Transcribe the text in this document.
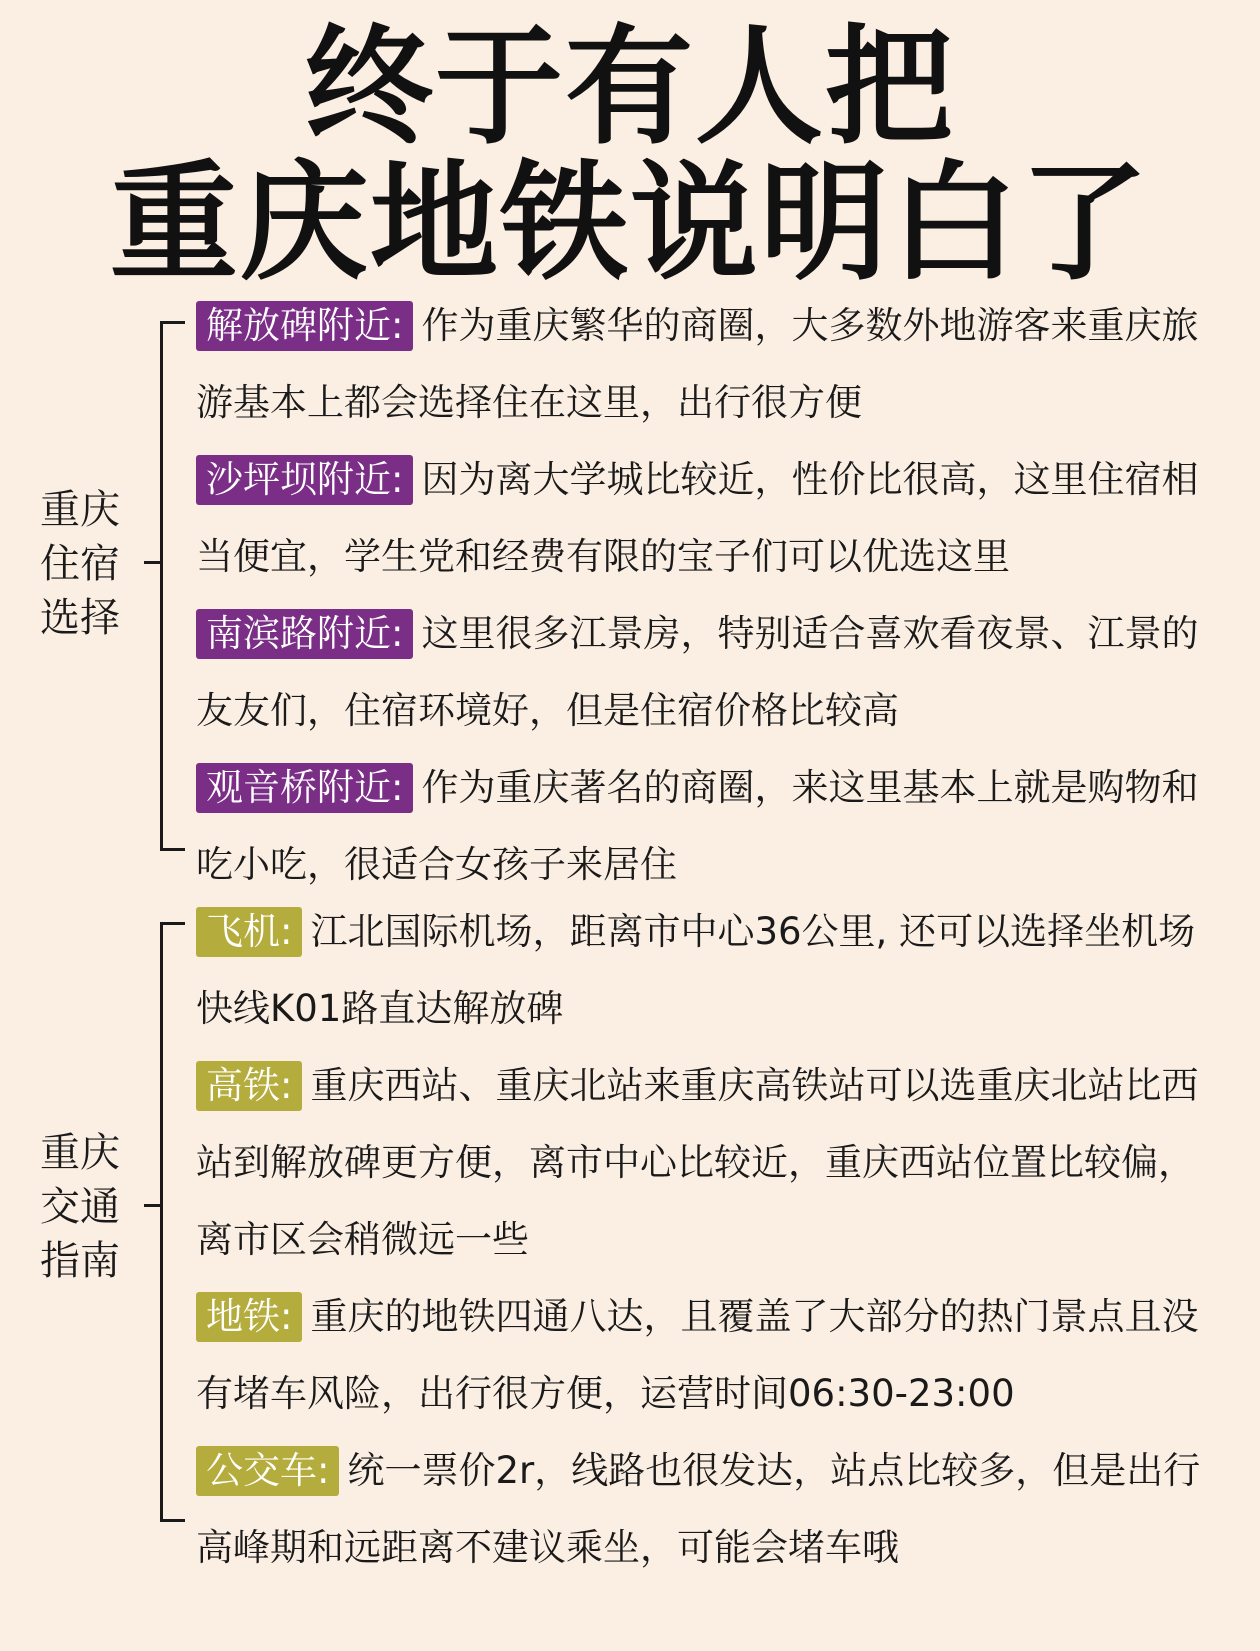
终于有人把
重庆地铁说明白了
重庆
住宿
选择
解放碑附近: 作为重庆繁华的商圈，大多数外地游客来重庆旅游基本上都会选择住在这里，出行很方便
沙坪坝附近: 因为离大学城比较近，性价比很高，这里住宿相当便宜，学生党和经费有限的宝子们可以优选这里
南滨路附近: 这里很多江景房，特别适合喜欢看夜景、江景的友友们，住宿环境好，但是住宿价格比较高
观音桥附近: 作为重庆著名的商圈，来这里基本上就是购物和吃小吃，很适合女孩子来居住
重庆
交通
指南
飞机: 江北国际机场，距离市中心36公里, 还可以选择坐机场快线K01路直达解放碑
高铁: 重庆西站、重庆北站来重庆高铁站可以选重庆北站比西站到解放碑更方便，离市中心比较近，重庆西站位置比较偏，离市区会稍微远一些
地铁: 重庆的地铁四通八达，且覆盖了大部分的热门景点且没有堵车风险，出行很方便，运营时间06:30-23:00
公交车: 统一票价2r，线路也很发达，站点比较多，但是出行高峰期和远距离不建议乘坐，可能会堵车哦
